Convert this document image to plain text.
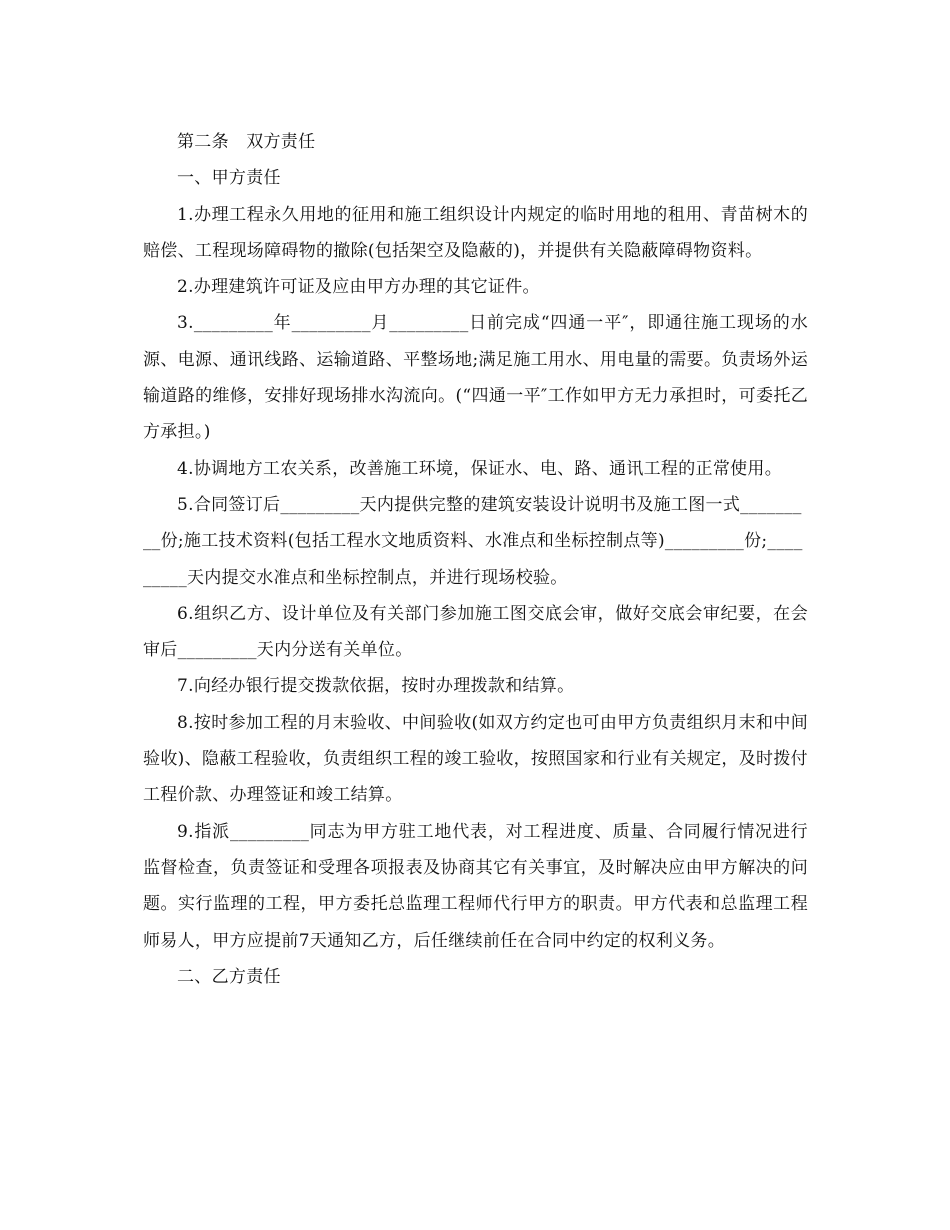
第二条　双方责任

一、甲方责任

1.办理工程永久用地的征用和施工组织设计内规定的临时用地的租用、青苗树木的赔偿、工程现场障碍物的撤除(包括架空及隐蔽的)，并提供有关隐蔽障碍物资料。

2.办理建筑许可证及应由甲方办理的其它证件。

3._________年_________月_________日前完成“四通一平″，即通往施工现场的水源、电源、通讯线路、运输道路、平整场地;满足施工用水、用电量的需要。负责场外运输道路的维修，安排好现场排水沟流向。(“四通一平″工作如甲方无力承担时，可委托乙方承担。)

4.协调地方工农关系，改善施工环境，保证水、电、路、通讯工程的正常使用。

5.合同签订后_________天内提供完整的建筑安装设计说明书及施工图一式_________份;施工技术资料(包括工程水文地质资料、水准点和坐标控制点等)_________份;_________天内提交水准点和坐标控制点，并进行现场校验。

6.组织乙方、设计单位及有关部门参加施工图交底会审，做好交底会审纪要，在会审后_________天内分送有关单位。

7.向经办银行提交拨款依据，按时办理拨款和结算。

8.按时参加工程的月末验收、中间验收(如双方约定也可由甲方负责组织月末和中间验收)、隐蔽工程验收，负责组织工程的竣工验收，按照国家和行业有关规定，及时拨付工程价款、办理签证和竣工结算。

9.指派_________同志为甲方驻工地代表，对工程进度、质量、合同履行情况进行监督检查，负责签证和受理各项报表及协商其它有关事宜，及时解决应由甲方解决的问题。实行监理的工程，甲方委托总监理工程师代行甲方的职责。甲方代表和总监理工程师易人，甲方应提前7天通知乙方，后任继续前任在合同中约定的权利义务。

二、乙方责任
